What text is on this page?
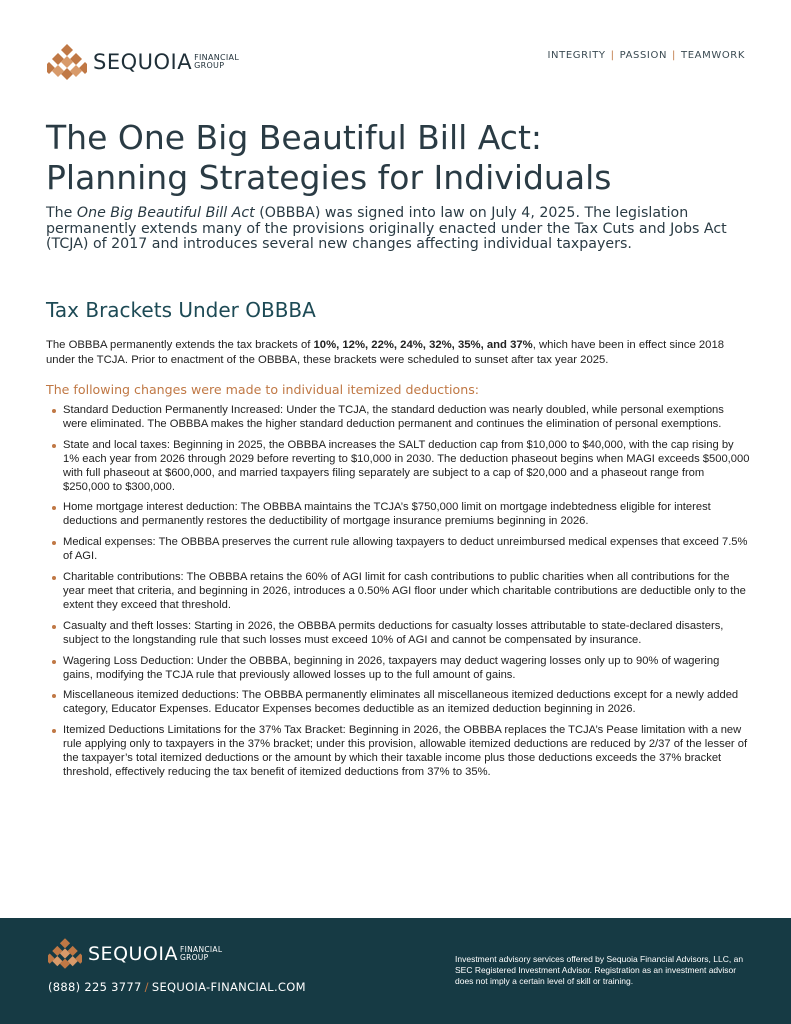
SEQUOIA FINANCIAL
GROUP
INTEGRITY | PASSION | TEAMWORK
The One Big Beautiful Bill Act:
Planning Strategies for Individuals

The One Big Beautiful Bill Act (OBBBA) was signed into law on July 4, 2025. The legislation permanently extends many of the provisions originally enacted under the Tax Cuts and Jobs Act (TCJA) of 2017 and introduces several new changes affecting individual taxpayers.

Tax Brackets Under OBBBA

The OBBBA permanently extends the tax brackets of 10%, 12%, 22%, 24%, 32%, 35%, and 37%, which have been in effect since 2018 under the TCJA. Prior to enactment of the OBBBA, these brackets were scheduled to sunset after tax year 2025.

The following changes were made to individual itemized deductions:

Standard Deduction Permanently Increased: Under the TCJA, the standard deduction was nearly doubled, while personal exemptions were eliminated. The OBBBA makes the higher standard deduction permanent and continues the elimination of personal exemptions.
State and local taxes: Beginning in 2025, the OBBBA increases the SALT deduction cap from $10,000 to $40,000, with the cap rising by 1% each year from 2026 through 2029 before reverting to $10,000 in 2030. The deduction phaseout begins when MAGI exceeds $500,000 with full phaseout at $600,000, and married taxpayers filing separately are subject to a cap of $20,000 and a phaseout range from $250,000 to $300,000.
Home mortgage interest deduction: The OBBBA maintains the TCJA’s $750,000 limit on mortgage indebtedness eligible for interest deductions and permanently restores the deductibility of mortgage insurance premiums beginning in 2026.
Medical expenses: The OBBBA preserves the current rule allowing taxpayers to deduct unreimbursed medical expenses that exceed 7.5% of AGI.
Charitable contributions: The OBBBA retains the 60% of AGI limit for cash contributions to public charities when all contributions for the year meet that criteria, and beginning in 2026, introduces a 0.50% AGI floor under which charitable contributions are deductible only to the extent they exceed that threshold.
Casualty and theft losses: Starting in 2026, the OBBBA permits deductions for casualty losses attributable to state-declared disasters, subject to the longstanding rule that such losses must exceed 10% of AGI and cannot be compensated by insurance.
Wagering Loss Deduction: Under the OBBBA, beginning in 2026, taxpayers may deduct wagering losses only up to 90% of wagering gains, modifying the TCJA rule that previously allowed losses up to the full amount of gains.
Miscellaneous itemized deductions: The OBBBA permanently eliminates all miscellaneous itemized deductions except for a newly added category, Educator Expenses. Educator Expenses becomes deductible as an itemized deduction beginning in 2026.
Itemized Deductions Limitations for the 37% Tax Bracket: Beginning in 2026, the OBBBA replaces the TCJA’s Pease limitation with a new rule applying only to taxpayers in the 37% bracket; under this provision, allowable itemized deductions are reduced by 2/37 of the lesser of the taxpayer’s total itemized deductions or the amount by which their taxable income plus those deductions exceeds the 37% bracket threshold, effectively reducing the tax benefit of itemized deductions from 37% to 35%.
SEQUOIA FINANCIAL
GROUP
(888) 225 3777 / SEQUOIA-FINANCIAL.COM

Investment advisory services offered by Sequoia Financial Advisors, LLC, an SEC Registered Investment Advisor. Registration as an investment advisor does not imply a certain level of skill or training.
